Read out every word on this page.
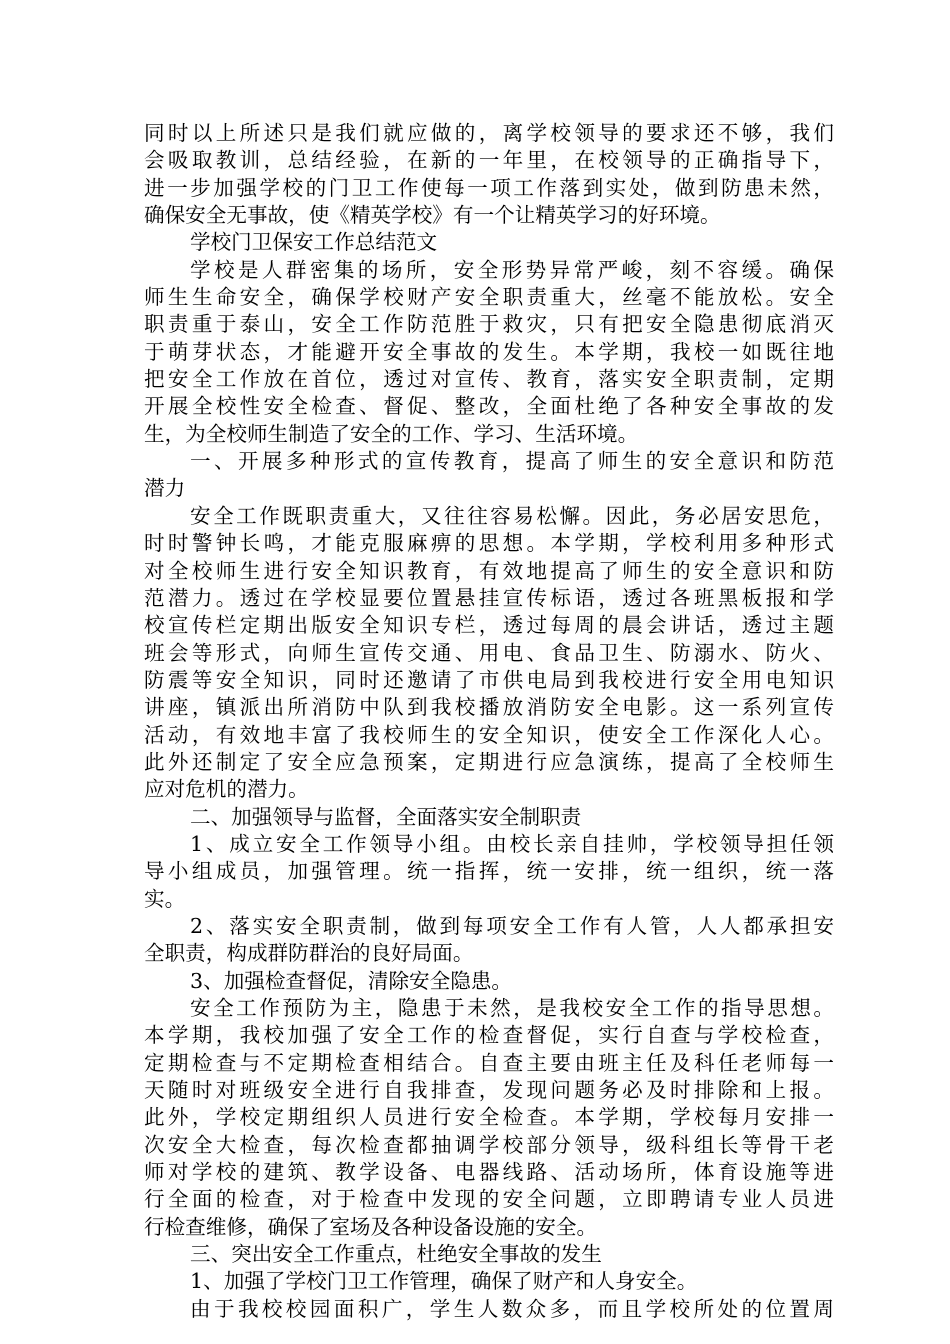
同时以上所述只是我们就应做的，离学校领导的要求还不够，我们
会吸取教训，总结经验，在新的一年里，在校领导的正确指导下，
进一步加强学校的门卫工作使每一项工作落到实处，做到防患未然，
确保安全无事故，使《精英学校》有一个让精英学习的好环境。
学校门卫保安工作总结范文
学校是人群密集的场所，安全形势异常严峻，刻不容缓。确保
师生生命安全，确保学校财产安全职责重大，丝毫不能放松。安全
职责重于泰山，安全工作防范胜于救灾，只有把安全隐患彻底消灭
于萌芽状态，才能避开安全事故的发生。本学期，我校一如既往地
把安全工作放在首位，透过对宣传、教育，落实安全职责制，定期
开展全校性安全检查、督促、整改，全面杜绝了各种安全事故的发
生，为全校师生制造了安全的工作、学习、生活环境。
一、开展多种形式的宣传教育，提高了师生的安全意识和防范
潜力
安全工作既职责重大，又往往容易松懈。因此，务必居安思危，
时时警钟长鸣，才能克服麻痹的思想。本学期，学校利用多种形式
对全校师生进行安全知识教育，有效地提高了师生的安全意识和防
范潜力。透过在学校显要位置悬挂宣传标语，透过各班黑板报和学
校宣传栏定期出版安全知识专栏，透过每周的晨会讲话，透过主题
班会等形式，向师生宣传交通、用电、食品卫生、防溺水、防火、
防震等安全知识，同时还邀请了市供电局到我校进行安全用电知识
讲座，镇派出所消防中队到我校播放消防安全电影。这一系列宣传
活动，有效地丰富了我校师生的安全知识，使安全工作深化人心。
此外还制定了安全应急预案，定期进行应急演练，提高了全校师生
应对危机的潜力。
二、加强领导与监督，全面落实安全制职责
1、成立安全工作领导小组。由校长亲自挂帅，学校领导担任领
导小组成员，加强管理。统一指挥，统一安排，统一组织，统一落
实。
2、落实安全职责制，做到每项安全工作有人管，人人都承担安
全职责，构成群防群治的良好局面。
3、加强检查督促，清除安全隐患。
安全工作预防为主，隐患于未然，是我校安全工作的指导思想。
本学期，我校加强了安全工作的检查督促，实行自查与学校检查，
定期检查与不定期检查相结合。自查主要由班主任及科任老师每一
天随时对班级安全进行自我排查，发现问题务必及时排除和上报。
此外，学校定期组织人员进行安全检查。本学期，学校每月安排一
次安全大检查，每次检查都抽调学校部分领导，级科组长等骨干老
师对学校的建筑、教学设备、电器线路、活动场所，体育设施等进
行全面的检查，对于检查中发现的安全问题，立即聘请专业人员进
行检查维修，确保了室场及各种设备设施的安全。
三、突出安全工作重点，杜绝安全事故的发生
1、加强了学校门卫工作管理，确保了财产和人身安全。
由于我校校园面积广，学生人数众多，而且学校所处的位置周
